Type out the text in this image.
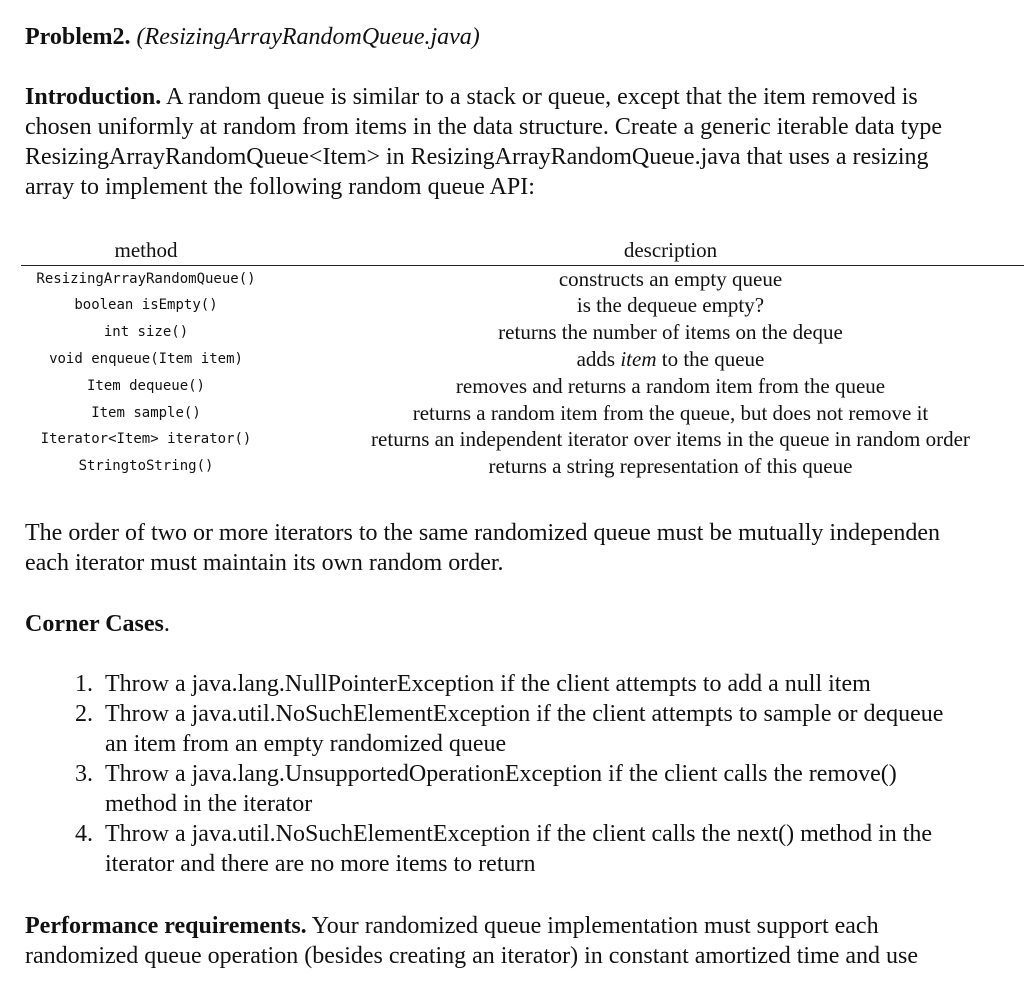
Problem2. (ResizingArrayRandomQueue.java)
Introduction. A random queue is similar to a stack or queue, except that the item removed is
chosen uniformly at random from items in the data structure. Create a generic iterable data type
ResizingArrayRandomQueue<Item> in ResizingArrayRandomQueue.java that uses a resizing
array to implement the following random queue API:
method	description
ResizingArrayRandomQueue()	constructs an empty queue
boolean isEmpty()	is the dequeue empty?
int size()	returns the number of items on the deque
void enqueue(Item item)	adds item to the queue
Item dequeue()	removes and returns a random item from the queue
Item sample()	returns a random item from the queue, but does not remove it
Iterator<Item> iterator()	returns an independent iterator over items in the queue in random order
StringtoString()	returns a string representation of this queue
The order of two or more iterators to the same randomized queue must be mutually independen
each iterator must maintain its own random order.
Corner Cases.
1. Throw a java.lang.NullPointerException if the client attempts to add a null item
2. Throw a java.util.NoSuchElementException if the client attempts to sample or dequeue
an item from an empty randomized queue
3. Throw a java.lang.UnsupportedOperationException if the client calls the remove()
method in the iterator
4. Throw a java.util.NoSuchElementException if the client calls the next() method in the
iterator and there are no more items to return
Performance requirements. Your randomized queue implementation must support each
randomized queue operation (besides creating an iterator) in constant amortized time and use
